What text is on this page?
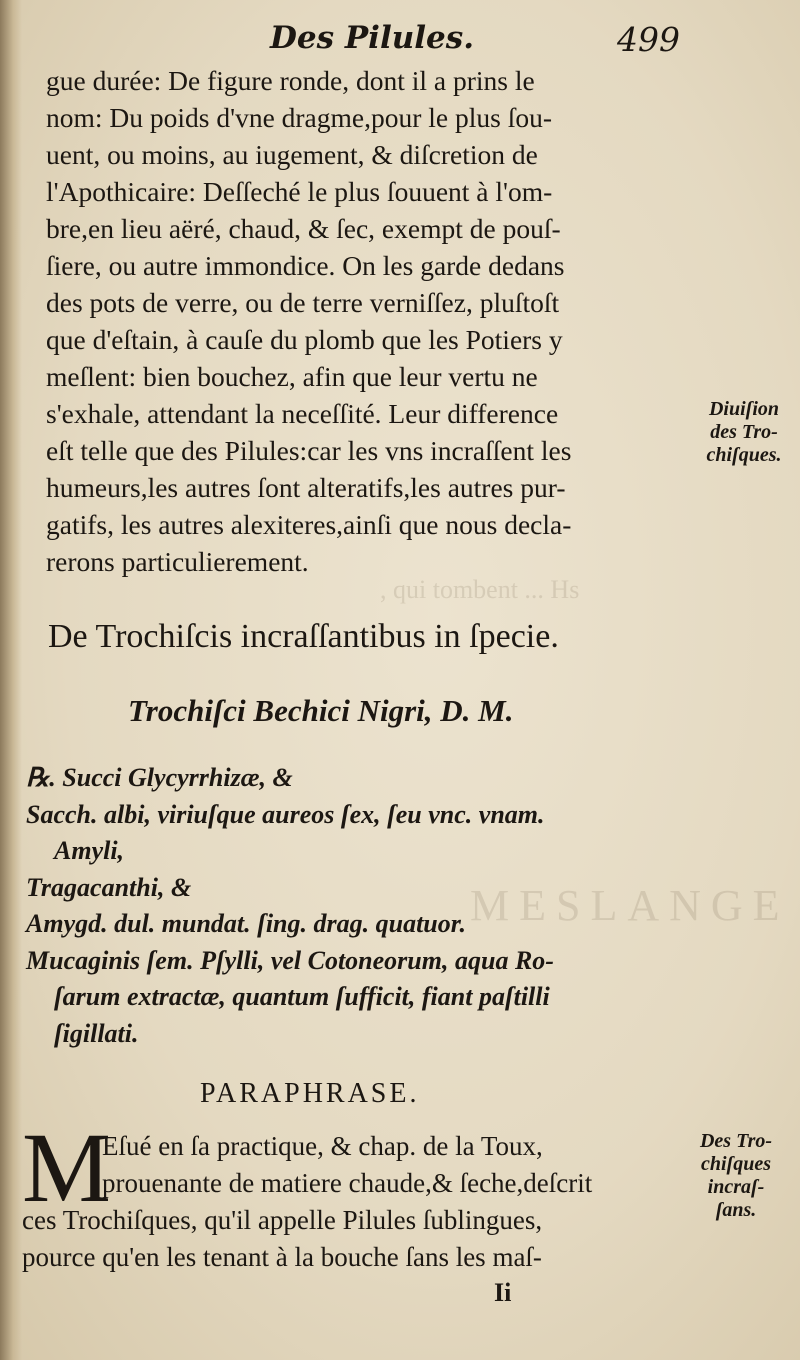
, qui tombent ... Hs
MESLANGE
Des Pilules.	499
gue durée: De figure ronde, dont il a prins le
nom: Du poids d'vne dragme,pour le plus ſou-
uent, ou moins, au iugement, & diſcretion de
l'Apothicaire: Deſſeché le plus ſouuent à l'om-
bre,en lieu aëré, chaud, & ſec, exempt de pouſ-
ſiere, ou autre immondice. On les garde dedans
des pots de verre, ou de terre verniſſez, pluſtoſt
que d'eſtain, à cauſe du plomb que les Potiers y
meſlent: bien bouchez, afin que leur vertu ne
s'exhale, attendant la neceſſité. Leur difference
eſt telle que des Pilules:car les vns incraſſent les
humeurs,les autres ſont alteratifs,les autres pur-
gatifs, les autres alexiteres,ainſi que nous decla-
rerons particulierement.
Diuiſion
des Tro-
chiſques.
De Trochiſcis incraſſantibus in ſpecie.
Trochiſci Bechici Nigri, D. M.
℞. Succi Glycyrrhizæ, &
Sacch. albi, viriuſque aureos ſex, ſeu vnc. vnam.
Amyli,
Tragacanthi, &
Amygd. dul. mundat. ſing. drag. quatuor.
Mucaginis ſem. Pſylli, vel Cotoneorum, aqua Ro-
ſarum extractæ, quantum ſufficit, fiant paſtilli
ſigillati.
PARAPHRASE.
M
Eſué en ſa practique, & chap. de la Toux,
prouenante de matiere chaude,& ſeche,deſcrit
ces Trochiſques, qu'il appelle Pilules ſublingues,
pource qu'en les tenant à la bouche ſans les maſ-
Des Tro-
chiſques
incraſ-
ſans.
Ii
